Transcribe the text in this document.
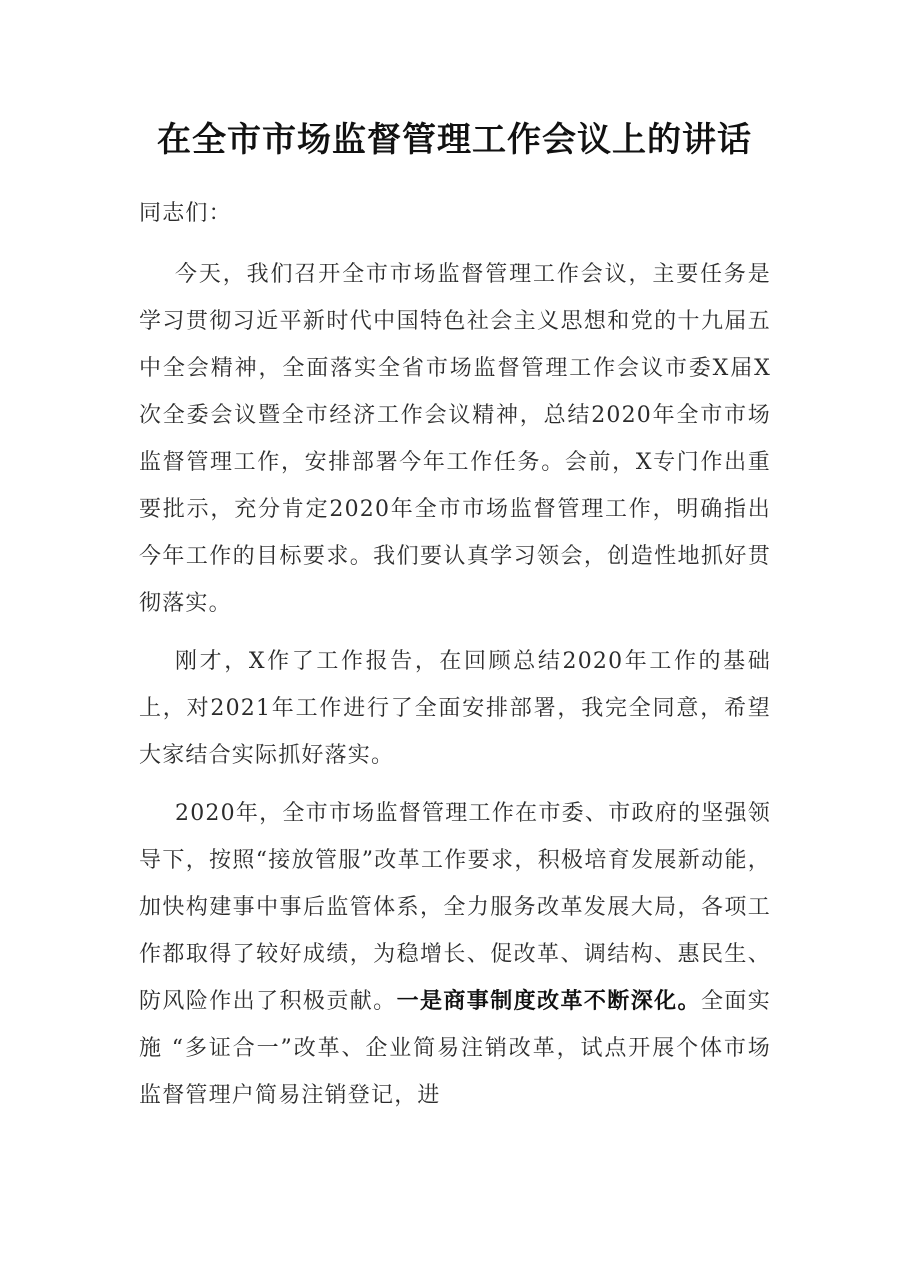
在全市市场监督管理工作会议上的讲话

同志们：

今天，我们召开全市市场监督管理工作会议，主要任务是学习贯彻习近平新时代中国特色社会主义思想和党的十九届五中全会精神，全面落实全省市场监督管理工作会议市委X届X次全委会议暨全市经济工作会议精神，总结2020年全市市场监督管理工作，安排部署今年工作任务。会前，X专门作出重要批示，充分肯定2020年全市市场监督管理工作，明确指出今年工作的目标要求。我们要认真学习领会，创造性地抓好贯彻落实。

刚才，X作了工作报告，在回顾总结2020年工作的基础上，对2021年工作进行了全面安排部署，我完全同意，希望大家结合实际抓好落实。

2020年，全市市场监督管理工作在市委、市政府的坚强领导下，按照“接放管服”改革工作要求，积极培育发展新动能，加快构建事中事后监管体系，全力服务改革发展大局，各项工作都取得了较好成绩，为稳增长、促改革、调结构、惠民生、防风险作出了积极贡献。一是商事制度改革不断深化。全面实施 “多证合一”改革、企业简易注销改革，试点开展个体市场监督管理户简易注销登记，进
